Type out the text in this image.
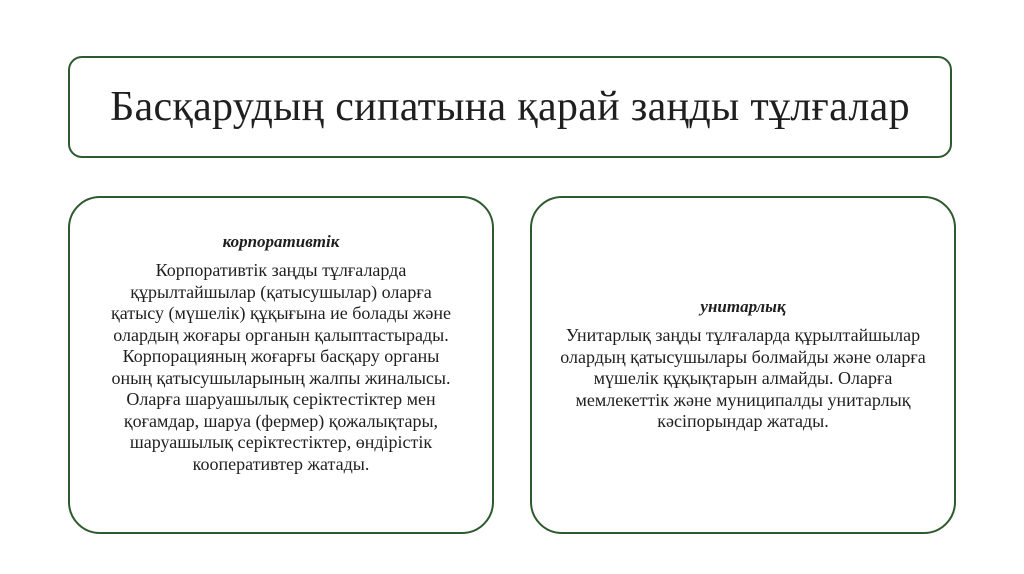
Басқарудың сипатына қарай заңды тұлғалар
корпоративтік

Корпоративтік заңды тұлғаларда құрылтайшылар (қатысушылар) оларға қатысу (мүшелік) құқығына ие болады және олардың жоғары органын қалыптастырады. Корпорацияның жоғарғы басқару органы оның қатысушыларының жалпы жиналысы. Оларға шаруашылық серіктестіктер мен қоғамдар, шаруа (фермер) қожалықтары, шаруашылық серіктестіктер, өндірістік кооперативтер жатады.

унитарлық

Унитарлық заңды тұлғаларда құрылтайшылар олардың қатысушылары болмайды және оларға мүшелік құқықтарын алмайды. Оларға мемлекеттік және муниципалды унитарлық кәсіпорындар жатады.
